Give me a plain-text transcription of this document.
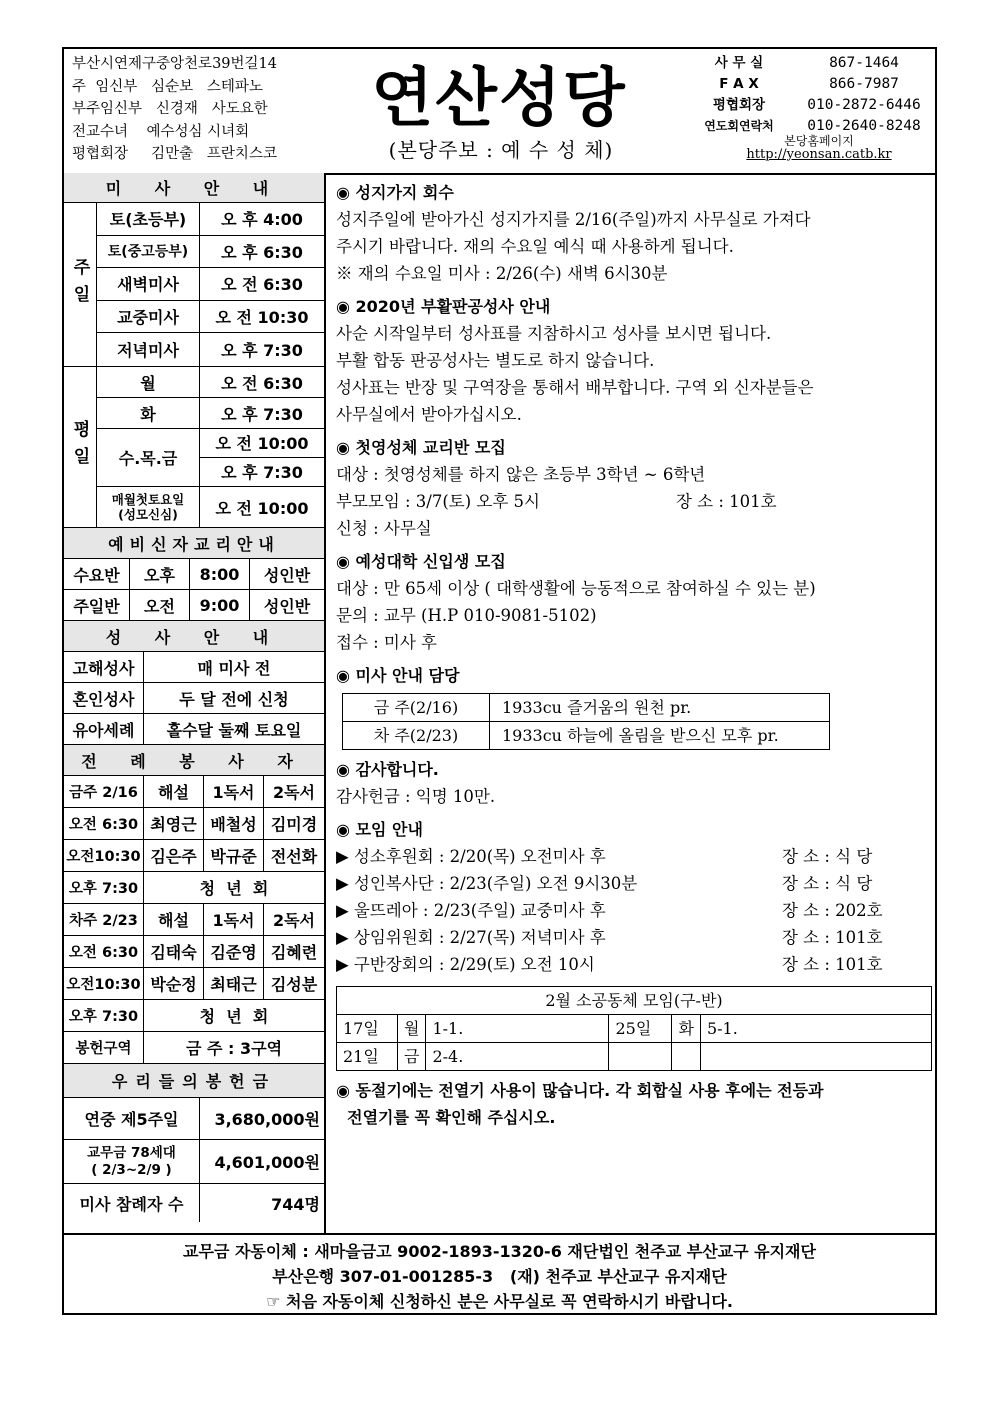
부산시연제구중앙천로39번길14
주  임신부   심순보   스테파노
부주임신부   신경재   사도요한
전교수녀    예수성심 시녀회
평협회장     김만출   프란치스코
연산성당
(본당주보 : 예 수 성 체)
사 무 실	867-1464
F A X	866-7987
평협회장	010-2872-6446
연도회연락처	010-2640-8248
본당홈페이지
http://yeonsan.catb.kr
미 사 안 내
주일
토(초등부)	오 후 4:00
토(중고등부)	오 후 6:30
새벽미사	오 전 6:30
교중미사	오 전 10:30
저녁미사	오 후 7:30
평일
월	오 전 6:30
화	오 후 7:30
수.목.금
오 전 10:00
오 후 7:30
매월첫토요일
(성모신심)	오 전 10:00
예비신자교리안내
수요반	오후	8:00	성인반
주일반	오전	9:00	성인반
성 사 안 내
고해성사	매 미사 전
혼인성사	두 달 전에 신청
유아세례	홀수달 둘째 토요일
전 례 봉 사 자
금주 2/16	해설	1독서	2독서
오전 6:30 최영근 배철성 김미경
오전10:30 김은주 박규준 전선화
오후 7:30	청  년  회
차주 2/23	해설	1독서	2독서
오전 6:30 김태숙 김준영 김혜련
오전10:30 박순정 최태근 김성분
오후 7:30	청  년  회
봉헌구역	금 주 : 3구역
우리들의봉헌금
연중 제5주일	3,680,000원
교무금 78세대
( 2/3~2/9 )	4,601,000원
미사 참례자 수	744명
◉ 성지가지 회수
성지주일에 받아가신 성지가지를 2/16(주일)까지 사무실로 가져다
주시기 바랍니다. 재의 수요일 예식 때 사용하게 됩니다.
※ 재의 수요일 미사 : 2/26(수) 새벽 6시30분
◉ 2020년 부활판공성사 안내
사순 시작일부터 성사표를 지참하시고 성사를 보시면 됩니다.
부활 합동 판공성사는 별도로 하지 않습니다.
성사표는 반장 및 구역장을 통해서 배부합니다. 구역 외 신자분들은
사무실에서 받아가십시오.
◉ 첫영성체 교리반 모집
대상 : 첫영성체를 하지 않은 초등부 3학년 ~ 6학년
부모모임 : 3/7(토) 오후 5시	장 소 : 101호
신청 : 사무실
◉ 예성대학 신입생 모집
대상 : 만 65세 이상 ( 대학생활에 능동적으로 참여하실 수 있는 분)
문의 : 교무 (H.P 010-9081-5102)
접수 : 미사 후
◉ 미사 안내 담당
금 주(2/16)	1933cu 즐거움의 원천 pr.
차 주(2/23)	1933cu 하늘에 올림을 받으신 모후 pr.
◉ 감사합니다.
감사헌금 : 익명 10만.
◉ 모임 안내
▶ 성소후원회 : 2/20(목) 오전미사 후	장 소 : 식 당
▶ 성인복사단 : 2/23(주일) 오전 9시30분	장 소 : 식 당
▶ 울뜨레아 : 2/23(주일) 교중미사 후	장 소 : 202호
▶ 상임위원회 : 2/27(목) 저녁미사 후	장 소 : 101호
▶ 구반장회의 : 2/29(토) 오전 10시	장 소 : 101호
2월 소공동체 모임(구-반)					
17일	월	1-1.	25일	화	5-1.
21일	금	2-4.			
◉ 동절기에는 전열기 사용이 많습니다. 각 회합실 사용 후에는 전등과
전열기를 꼭 확인해 주십시오.
교무금 자동이체 : 새마을금고 9002-1893-1320-6 재단법인 천주교 부산교구 유지재단
부산은행 307-01-001285-3   (재) 천주교 부산교구 유지재단
☞ 처음 자동이체 신청하신 분은 사무실로 꼭 연락하시기 바랍니다.
